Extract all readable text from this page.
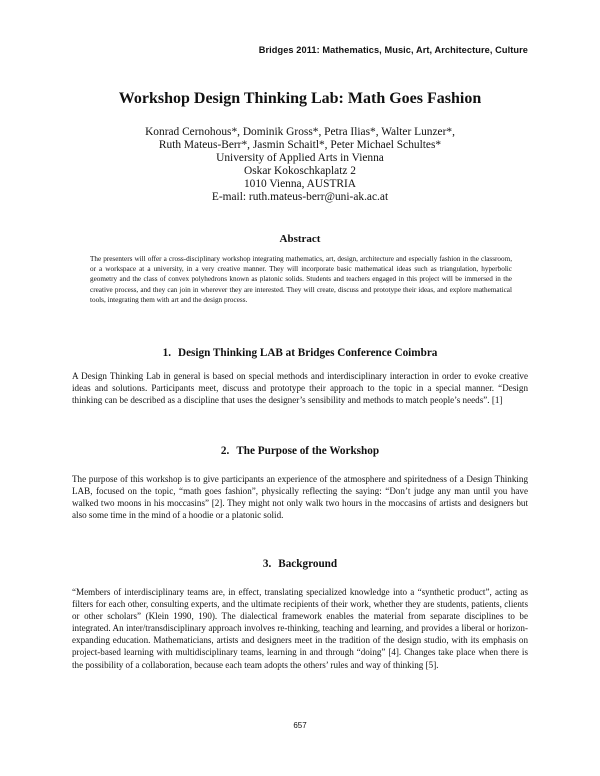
Bridges 2011: Mathematics, Music, Art, Architecture, Culture
Workshop Design Thinking Lab: Math Goes Fashion
Konrad Cernohous*, Dominik Gross*, Petra Ilias*, Walter Lunzer*,
Ruth Mateus-Berr*, Jasmin Schaitl*, Peter Michael Schultes*
University of Applied Arts in Vienna
Oskar Kokoschkaplatz 2
1010 Vienna, AUSTRIA
E-mail: ruth.mateus-berr@uni-ak.ac.at
Abstract
The presenters will offer a cross-disciplinary workshop integrating mathematics, art, design, architecture and especially fashion in the classroom, or a workspace at a university, in a very creative manner. They will incorporate basic mathematical ideas such as triangulation, hyperbolic geometry and the class of convex polyhedrons known as platonic solids. Students and teachers engaged in this project will be immersed in the creative process, and they can join in wherever they are interested. They will create, discuss and prototype their ideas, and explore mathematical tools, integrating them with art and the design process.
1. Design Thinking LAB at Bridges Conference Coimbra
A Design Thinking Lab in general is based on special methods and interdisciplinary interaction in order to evoke creative ideas and solutions. Participants meet, discuss and prototype their approach to the topic in a special manner. “Design thinking can be described as a discipline that uses the designer’s sensibility and methods to match people’s needs”. [1]
2. The Purpose of the Workshop
The purpose of this workshop is to give participants an experience of the atmosphere and spiritedness of a Design Thinking LAB, focused on the topic, “math goes fashion”, physically reflecting the saying: “Don’t judge any man until you have walked two moons in his moccasins” [2]. They might not only walk two hours in the moccasins of artists and designers but also some time in the mind of a hoodie or a platonic solid.
3. Background
“Members of interdisciplinary teams are, in effect, translating specialized knowledge into a “synthetic product”, acting as filters for each other, consulting experts, and the ultimate recipients of their work, whether they are students, patients, clients or other scholars” (Klein 1990, 190). The dialectical framework enables the material from separate disciplines to be integrated. An inter/transdisciplinary approach involves re-thinking, teaching and learning, and provides a liberal or horizon-expanding education. Mathematicians, artists and designers meet in the tradition of the design studio, with its emphasis on project-based learning with multidisciplinary teams, learning in and through “doing” [4]. Changes take place when there is the possibility of a collaboration, because each team adopts the others’ rules and way of thinking [5].
657
